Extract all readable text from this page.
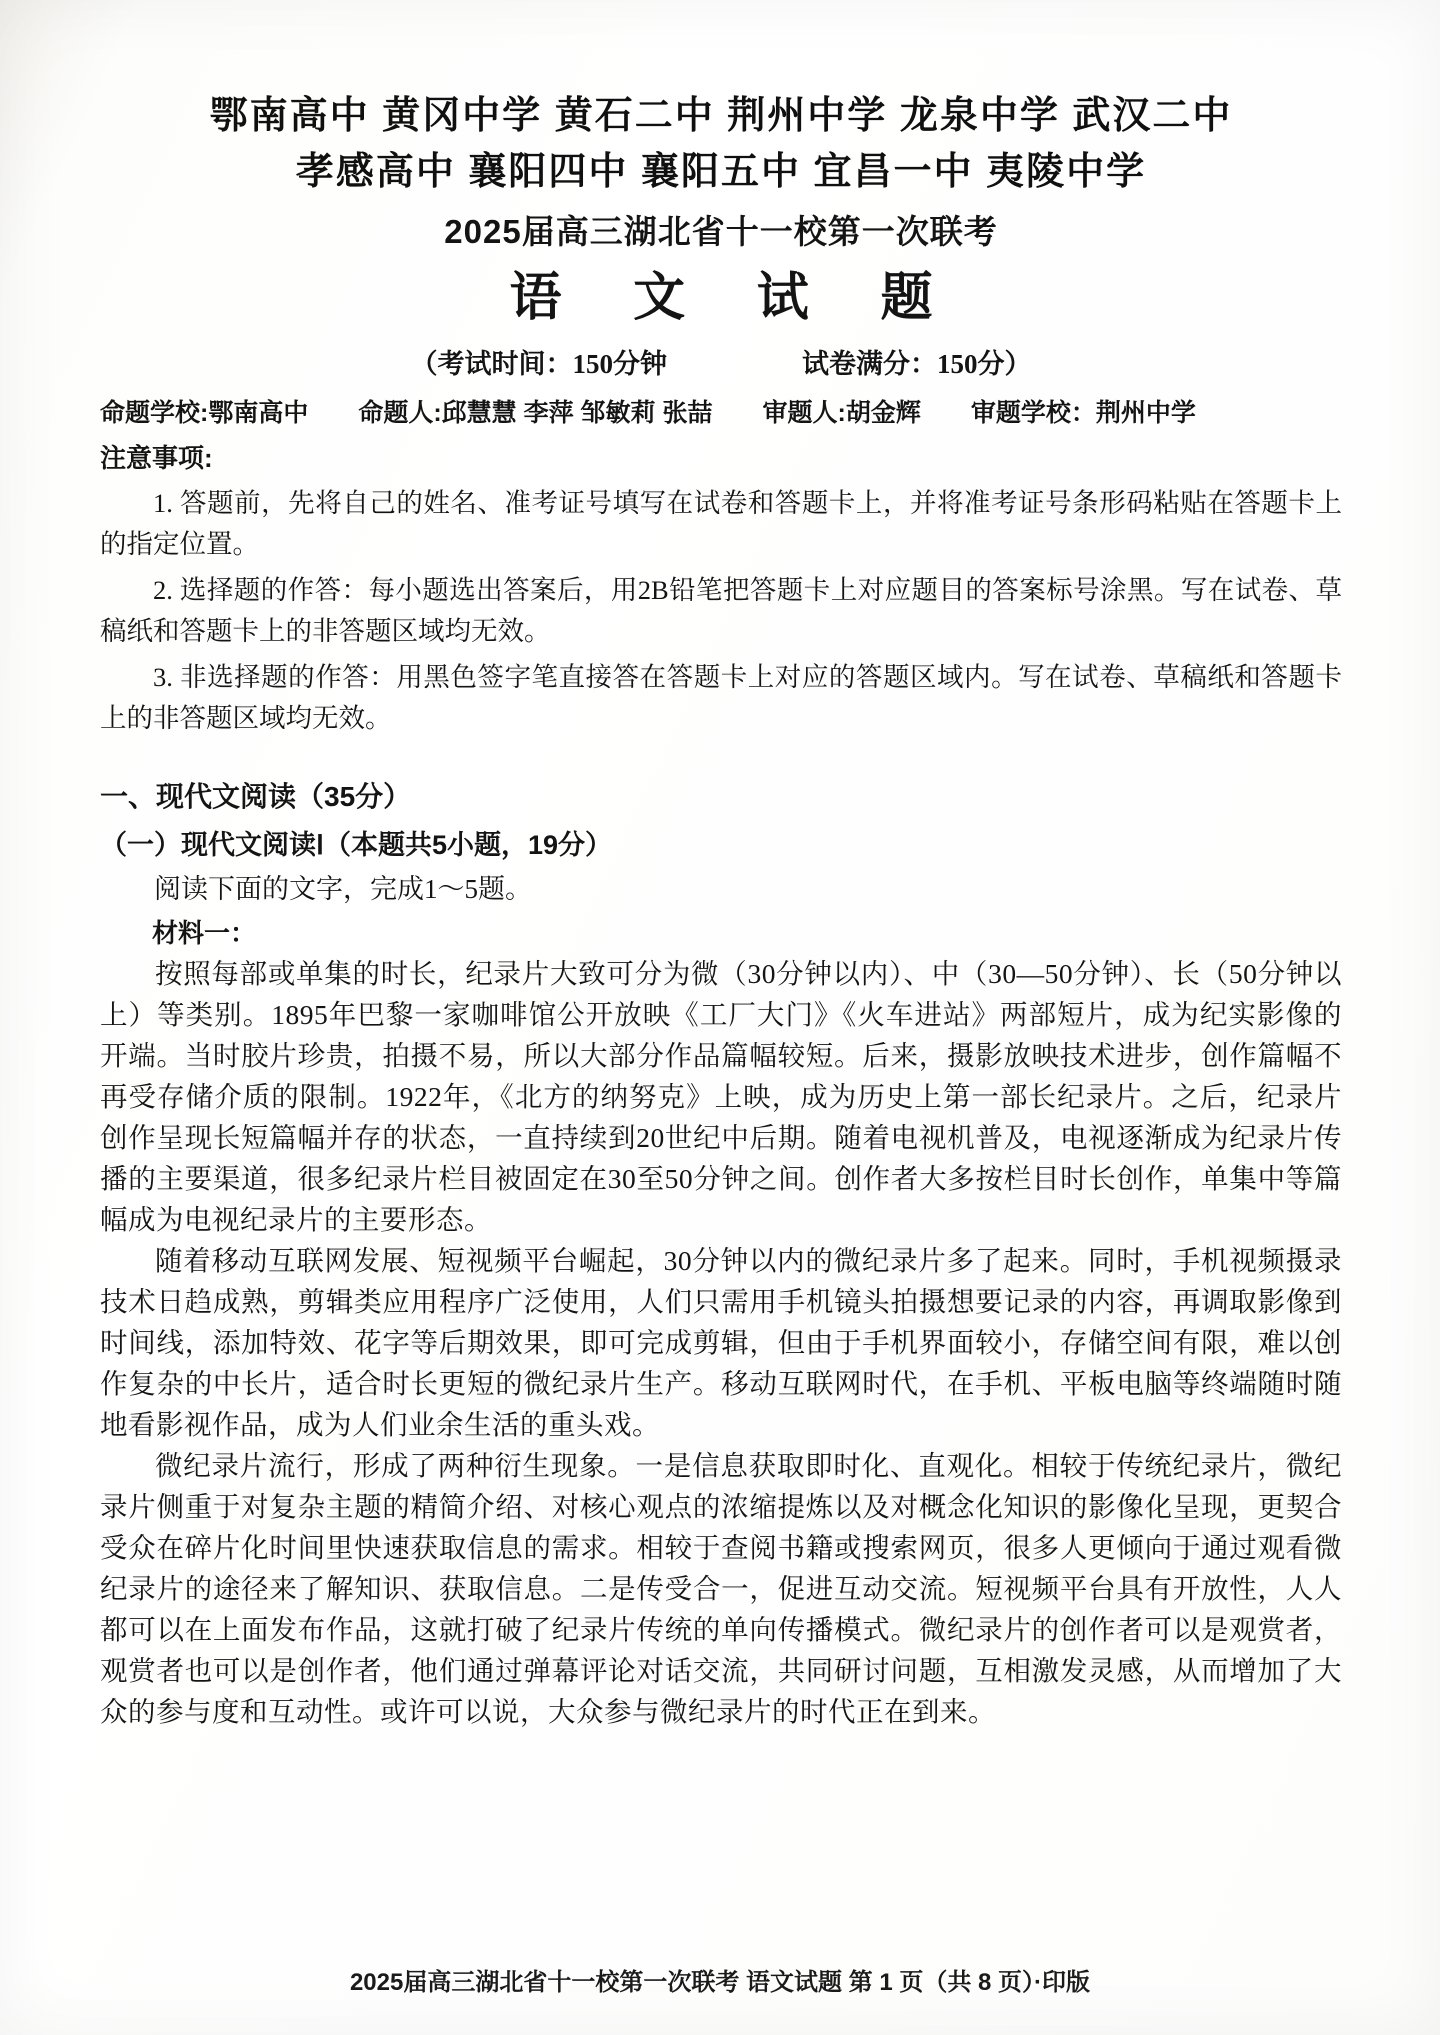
鄂南高中 黄冈中学 黄石二中 荆州中学 龙泉中学 武汉二中
孝感高中 襄阳四中 襄阳五中 宜昌一中 夷陵中学
2025届高三湖北省十一校第一次联考
语 文 试 题
（考试时间：150分钟　　　　　试卷满分：150分）
命题学校:鄂南高中　　命题人:邱慧慧 李萍 邹敏莉 张喆　　审题人:胡金辉　　审题学校：荆州中学
注意事项:
1. 答题前，先将自己的姓名、准考证号填写在试卷和答题卡上，并将准考证号条形码粘贴在答题卡上的指定位置。
2. 选择题的作答：每小题选出答案后，用2B铅笔把答题卡上对应题目的答案标号涂黑。写在试卷、草稿纸和答题卡上的非答题区域均无效。
3. 非选择题的作答：用黑色签字笔直接答在答题卡上对应的答题区域内。写在试卷、草稿纸和答题卡上的非答题区域均无效。
一、现代文阅读（35分）
（一）现代文阅读Ⅰ（本题共5小题，19分）
阅读下面的文字，完成1～5题。
材料一：
按照每部或单集的时长，纪录片大致可分为微（30分钟以内）、中（30—50分钟）、长（50分钟以上）等类别。1895年巴黎一家咖啡馆公开放映《工厂大门》《火车进站》两部短片，成为纪实影像的开端。当时胶片珍贵，拍摄不易，所以大部分作品篇幅较短。后来，摄影放映技术进步，创作篇幅不再受存储介质的限制。1922年，《北方的纳努克》上映，成为历史上第一部长纪录片。之后，纪录片创作呈现长短篇幅并存的状态，一直持续到20世纪中后期。随着电视机普及，电视逐渐成为纪录片传播的主要渠道，很多纪录片栏目被固定在30至50分钟之间。创作者大多按栏目时长创作，单集中等篇幅成为电视纪录片的主要形态。
随着移动互联网发展、短视频平台崛起，30分钟以内的微纪录片多了起来。同时，手机视频摄录技术日趋成熟，剪辑类应用程序广泛使用，人们只需用手机镜头拍摄想要记录的内容，再调取影像到时间线，添加特效、花字等后期效果，即可完成剪辑，但由于手机界面较小，存储空间有限，难以创作复杂的中长片，适合时长更短的微纪录片生产。移动互联网时代，在手机、平板电脑等终端随时随地看影视作品，成为人们业余生活的重头戏。
微纪录片流行，形成了两种衍生现象。一是信息获取即时化、直观化。相较于传统纪录片，微纪录片侧重于对复杂主题的精简介绍、对核心观点的浓缩提炼以及对概念化知识的影像化呈现，更契合受众在碎片化时间里快速获取信息的需求。相较于查阅书籍或搜索网页，很多人更倾向于通过观看微纪录片的途径来了解知识、获取信息。二是传受合一，促进互动交流。短视频平台具有开放性，人人都可以在上面发布作品，这就打破了纪录片传统的单向传播模式。微纪录片的创作者可以是观赏者，观赏者也可以是创作者，他们通过弹幕评论对话交流，共同研讨问题，互相激发灵感，从而增加了大众的参与度和互动性。或许可以说，大众参与微纪录片的时代正在到来。
2025届高三湖北省十一校第一次联考 语文试题 第 1 页（共 8 页）·印版
